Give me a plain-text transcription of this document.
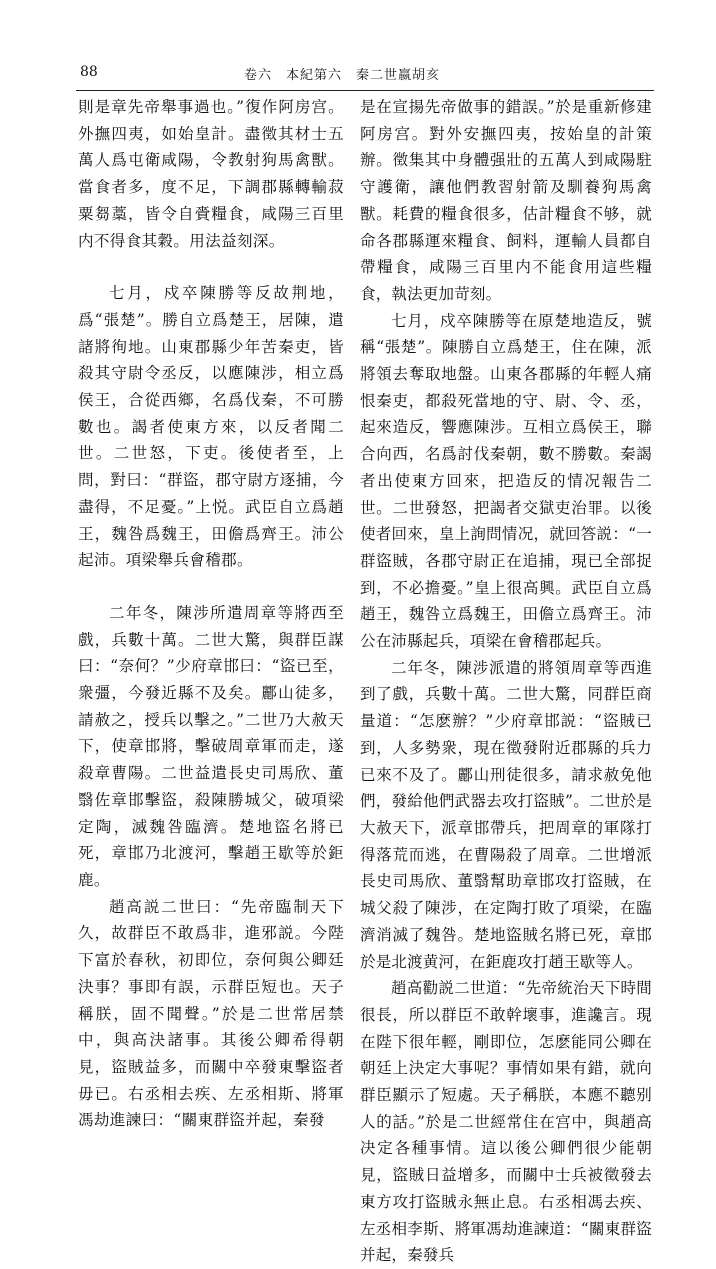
88	卷六　本紀第六　秦二世嬴胡亥

則是章先帝舉事過也。”復作阿房宫。外撫四夷，如始皇計。盡徵其材士五萬人爲屯衛咸陽，令教射狗馬禽獸。當食者多，度不足，下調郡縣轉輸菽粟芻藁，皆令自賫糧食，咸陽三百里内不得食其穀。用法益刻深。

七月，戍卒陳勝等反故荆地，爲“張楚”。勝自立爲楚王，居陳，遣諸將徇地。山東郡縣少年苦秦吏，皆殺其守尉令丞反，以應陳涉，相立爲侯王，合從西鄉，名爲伐秦，不可勝數也。謁者使東方來，以反者聞二世。二世怒，下吏。後使者至，上問，對曰：“群盜，郡守尉方逐捕，今盡得，不足憂。”上悦。武臣自立爲趙王，魏咎爲魏王，田儋爲齊王。沛公起沛。項梁舉兵會稽郡。

二年冬，陳涉所遣周章等將西至戲，兵數十萬。二世大驚，與群臣謀曰：“奈何？”少府章邯曰：“盜已至，衆彊，今發近縣不及矣。酈山徒多，請赦之，授兵以擊之。”二世乃大赦天下，使章邯將，擊破周章軍而走，遂殺章曹陽。二世益遣長史司馬欣、董翳佐章邯擊盜，殺陳勝城父，破項梁定陶，滅魏咎臨濟。楚地盜名將已死，章邯乃北渡河，擊趙王歇等於鉅鹿。

趙高説二世曰：“先帝臨制天下久，故群臣不敢爲非，進邪説。今陛下富於春秋，初即位，奈何與公卿廷決事？事即有誤，示群臣短也。天子稱朕，固不聞聲。”於是二世常居禁中，與高決諸事。其後公卿希得朝見，盜賊益多，而關中卒發東擊盜者毋已。右丞相去疾、左丞相斯、將軍馮劫進諫曰：“關東群盜并起，秦發

是在宣揚先帝做事的錯誤。”於是重新修建阿房宫。對外安撫四夷，按始皇的計策辦。徵集其中身體强壯的五萬人到咸陽駐守護衛，讓他們教習射箭及馴養狗馬禽獸。耗費的糧食很多，估計糧食不够，就命各郡縣運來糧食、飼料，運輸人員都自帶糧食，咸陽三百里内不能食用這些糧食，執法更加苛刻。

七月，戍卒陳勝等在原楚地造反，號稱“張楚”。陳勝自立爲楚王，住在陳，派將領去奪取地盤。山東各郡縣的年輕人痛恨秦吏，都殺死當地的守、尉、令、丞，起來造反，響應陳涉。互相立爲侯王，聯合向西，名爲討伐秦朝，數不勝數。秦謁者出使東方回來，把造反的情况報告二世。二世發怒，把謁者交獄吏治罪。以後使者回來，皇上詢問情况，就回答説：“一群盜賊，各郡守尉正在追捕，現已全部捉到，不必擔憂。”皇上很高興。武臣自立爲趙王，魏咎立爲魏王，田儋立爲齊王。沛公在沛縣起兵，項梁在會稽郡起兵。

二年冬，陳涉派遣的將領周章等西進到了戲，兵數十萬。二世大驚，同群臣商量道：“怎麽辦？”少府章邯説：“盜賊已到，人多勢衆，現在徵發附近郡縣的兵力已來不及了。酈山刑徒很多，請求赦免他們，發給他們武器去攻打盜賊”。二世於是大赦天下，派章邯帶兵，把周章的軍隊打得落荒而逃，在曹陽殺了周章。二世增派長史司馬欣、董翳幫助章邯攻打盜賊，在城父殺了陳涉，在定陶打敗了項梁，在臨濟消滅了魏咎。楚地盜賊名將已死，章邯於是北渡黄河，在鉅鹿攻打趙王歇等人。

趙高勸説二世道：“先帝統治天下時間很長，所以群臣不敢幹壞事，進讒言。現在陛下很年輕，剛即位，怎麽能同公卿在朝廷上決定大事呢？事情如果有錯，就向群臣顯示了短處。天子稱朕，本應不聽别人的話。”於是二世經常住在宫中，與趙高决定各種事情。這以後公卿們很少能朝見，盜賊日益增多，而關中士兵被徵發去東方攻打盜賊永無止息。右丞相馮去疾、左丞相李斯、將軍馮劫進諫道：“關東群盜并起，秦發兵
